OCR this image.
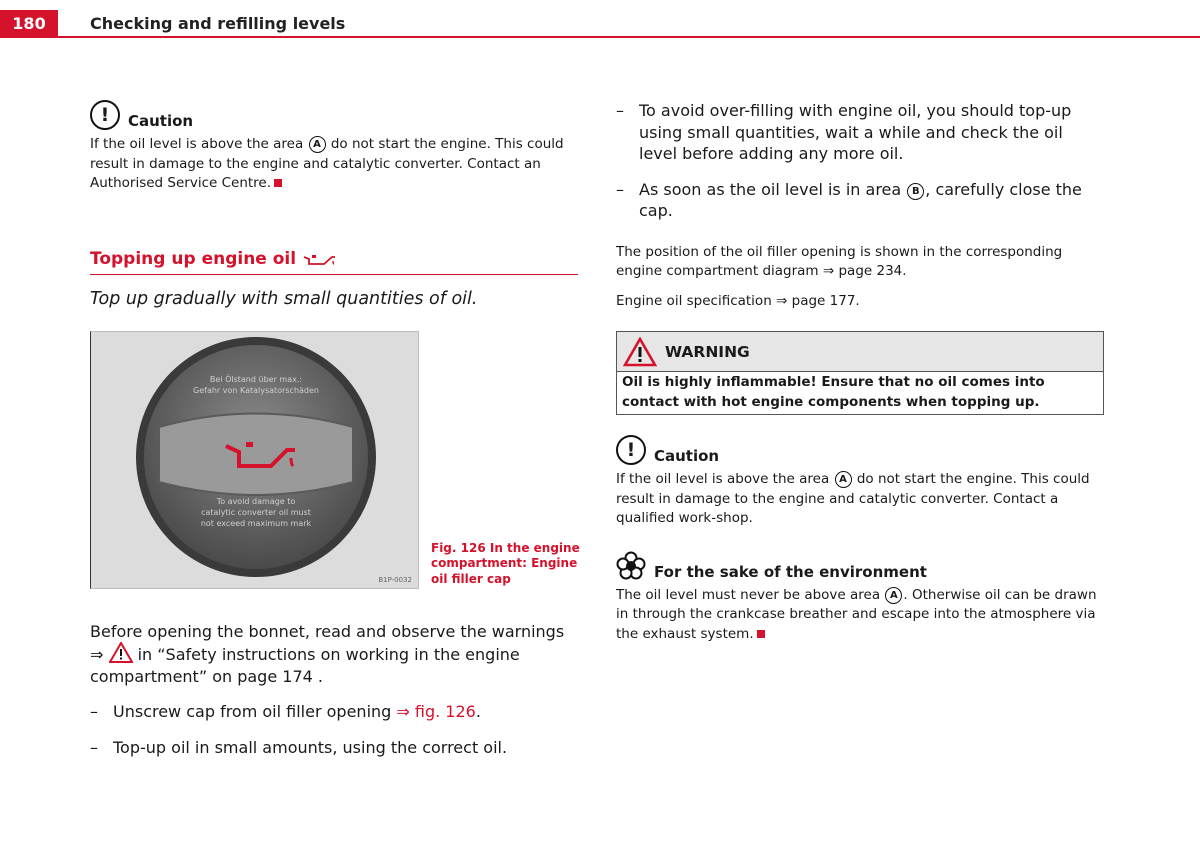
180	Checking and refilling levels
!	Caution

If the oil level is above the area A do not start the engine. This could result in damage to the engine and catalytic converter. Contact an Authorised Service Centre.

Topping up engine oil

Top up gradually with small quantities of oil.

Bei Ölstand über max.:
Gefahr von Katalysatorschäden
To avoid damage to
catalytic converter oil must
not exceed maximum mark
B1P-0032
Fig. 126 In the engine compartment: Engine oil filler cap

Before opening the bonnet, read and observe the warnings ⇒  in “Safety instructions on working in the engine compartment” on page 174 .

– Unscrew cap from oil filler opening ⇒ fig. 126.
– Top-up oil in small amounts, using the correct oil.
– To avoid over-filling with engine oil, you should top-up using small quantities, wait a while and check the oil level before adding any more oil.
– As soon as the oil level is in area B , carefully close the cap.

The position of the oil filler opening is shown in the corresponding engine compartment diagram ⇒ page 234.

Engine oil specification ⇒ page 177.

WARNING

Oil is highly inflammable! Ensure that no oil comes into contact with hot engine components when topping up.

!	Caution

If the oil level is above the area A do not start the engine. This could result in damage to the engine and catalytic converter. Contact a qualified work-shop.

For the sake of the environment

The oil level must never be above area A . Otherwise oil can be drawn in through the crankcase breather and escape into the atmosphere via the exhaust system.
